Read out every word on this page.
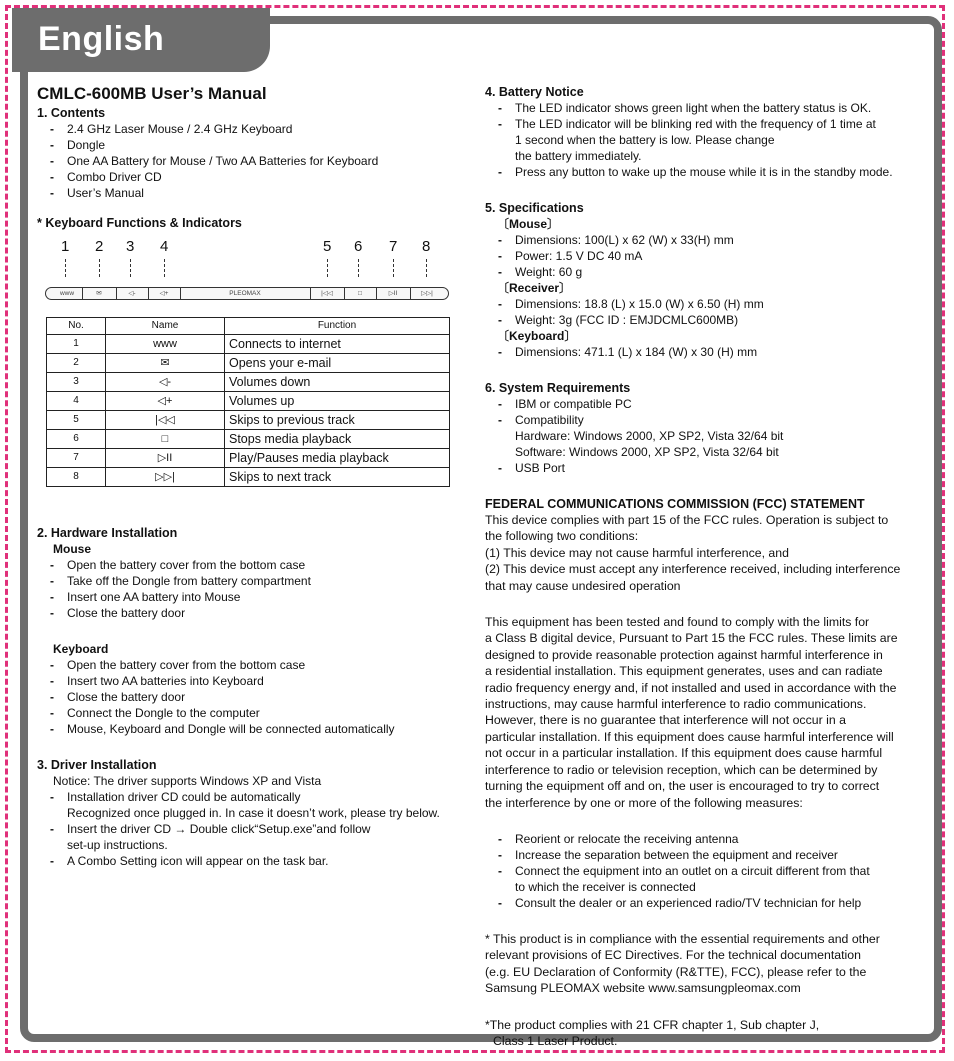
English
CMLC-600MB User’s Manual
1. Contents
- 2.4 GHz Laser Mouse / 2.4 GHz Keyboard
- Dongle
- One AA Battery for Mouse / Two AA Batteries for Keyboard
- Combo Driver CD
- User’s Manual
* Keyboard Functions & Indicators
1 2 3 4	5 6 7 8
www	✉	◁-	◁+	PLEOMAX	|◁◁	□	▷II	▷▷|
No.	Name	Function
1	www	Connects to internet
2	✉	Opens your e-mail
3	◁-	Volumes down
4	◁+	Volumes up
5	|◁◁	Skips to previous track
6	□	Stops media playback
7	▷II	Play/Pauses media playback
8	▷▷|	Skips to next track
2. Hardware Installation
Mouse
- Open the battery cover from the bottom case
- Take off the Dongle from battery compartment
- Insert one AA battery into Mouse
- Close the battery door
Keyboard
- Open the battery cover from the bottom case
- Insert two AA batteries into Keyboard
- Close the battery door
- Connect the Dongle to the computer
- Mouse, Keyboard and Dongle will be connected automatically
3. Driver Installation
Notice: The driver supports Windows XP and Vista
- Installation driver CD could be automatically
Recognized once plugged in. In case it doesn’t work, please try below.
- Insert the driver CD → Double click“Setup.exe”and follow
set-up instructions.
- A Combo Setting icon will appear on the task bar.
4. Battery Notice
- The LED indicator shows green light when the battery status is OK.
- The LED indicator will be blinking red with the frequency of 1 time at
1 second when the battery is low. Please change
the battery immediately.
- Press any button to wake up the mouse while it is in the standby mode.
5. Specifications
〔Mouse〕
- Dimensions: 100(L) x 62 (W) x 33(H) mm
- Power: 1.5 V DC 40 mA
- Weight: 60 g
〔Receiver〕
- Dimensions: 18.8 (L) x 15.0 (W) x 6.50 (H) mm
- Weight: 3g (FCC ID : EMJDCMLC600MB)
〔Keyboard〕
- Dimensions: 471.1 (L) x 184 (W) x 30 (H) mm
6. System Requirements
- IBM or compatible PC
- Compatibility
Hardware: Windows 2000, XP SP2, Vista 32/64 bit
Software: Windows 2000, XP SP2, Vista 32/64 bit
- USB Port
FEDERAL COMMUNICATIONS COMMISSION (FCC) STATEMENT

This device complies with part 15 of the FCC rules. Operation is subject to

the following two conditions:

(1) This device may not cause harmful interference, and

(2) This device must accept any interference received, including interference

that may cause undesired operation

This equipment has been tested and found to comply with the limits for

a Class B digital device, Pursuant to Part 15 the FCC rules. These limits are

designed to provide reasonable protection against harmful interference in

a residential installation. This equipment generates, uses and can radiate

radio frequency energy and, if not installed and used in accordance with the

instructions, may cause harmful interference to radio communications.

However, there is no guarantee that interference will not occur in a

particular installation. If this equipment does cause harmful interference will

not occur in a particular installation. If this equipment does cause harmful

interference to radio or television reception, which can be determined by

turning the equipment off and on, the user is encouraged to try to correct

the interference by one or more of the following measures:

- Reorient or relocate the receiving antenna
- Increase the separation between the equipment and receiver
- Connect the equipment into an outlet on a circuit different from that
to which the receiver is connected
- Consult the dealer or an experienced radio/TV technician for help

* This product is in compliance with the essential requirements and other

relevant provisions of EC Directives. For the technical documentation

(e.g. EU Declaration of Conformity (R&TTE), FCC), please refer to the

Samsung PLEOMAX website www.samsungpleomax.com

*The product complies with 21 CFR chapter 1, Sub chapter J,

Class 1 Laser Product.
